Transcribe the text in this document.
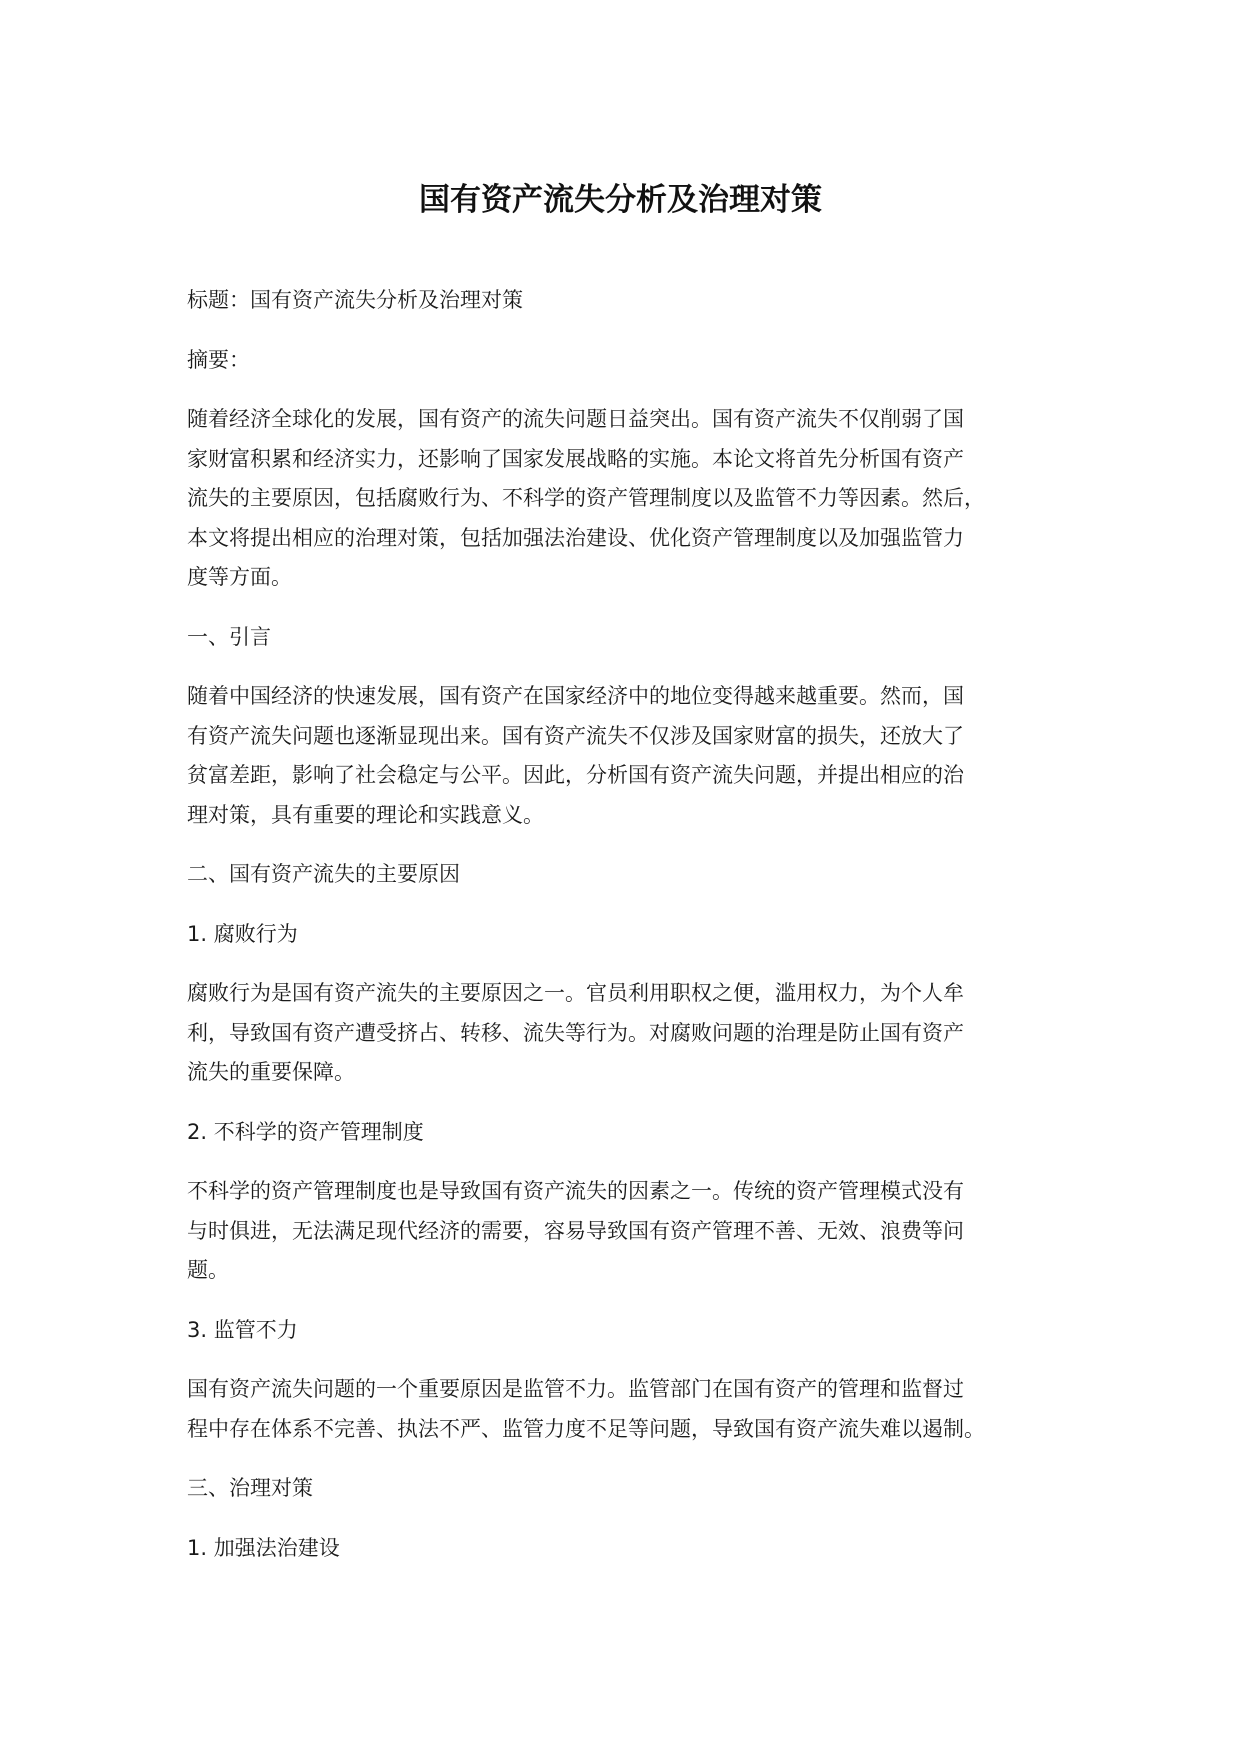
国有资产流失分析及治理对策

标题：国有资产流失分析及治理对策

摘要：

随着经济全球化的发展，国有资产的流失问题日益突出。国有资产流失不仅削弱了国
家财富积累和经济实力，还影响了国家发展战略的实施。本论文将首先分析国有资产
流失的主要原因，包括腐败行为、不科学的资产管理制度以及监管不力等因素。然后，
本文将提出相应的治理对策，包括加强法治建设、优化资产管理制度以及加强监管力
度等方面。

一、引言

随着中国经济的快速发展，国有资产在国家经济中的地位变得越来越重要。然而，国
有资产流失问题也逐渐显现出来。国有资产流失不仅涉及国家财富的损失，还放大了
贫富差距，影响了社会稳定与公平。因此，分析国有资产流失问题，并提出相应的治
理对策，具有重要的理论和实践意义。

二、国有资产流失的主要原因

1. 腐败行为

腐败行为是国有资产流失的主要原因之一。官员利用职权之便，滥用权力，为个人牟
利，导致国有资产遭受挤占、转移、流失等行为。对腐败问题的治理是防止国有资产
流失的重要保障。

2. 不科学的资产管理制度

不科学的资产管理制度也是导致国有资产流失的因素之一。传统的资产管理模式没有
与时俱进，无法满足现代经济的需要，容易导致国有资产管理不善、无效、浪费等问
题。

3. 监管不力

国有资产流失问题的一个重要原因是监管不力。监管部门在国有资产的管理和监督过
程中存在体系不完善、执法不严、监管力度不足等问题，导致国有资产流失难以遏制。

三、治理对策

1. 加强法治建设
